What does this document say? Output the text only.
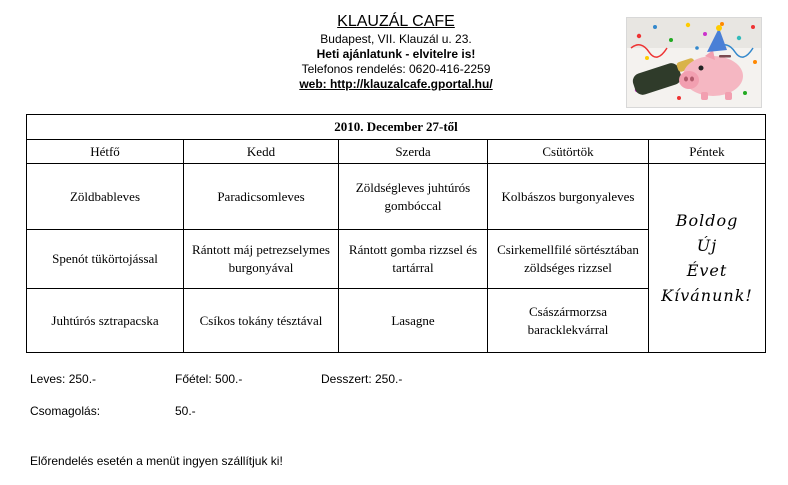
KLAUZÁL CAFE
Budapest, VII. Klauzál u. 23.
Heti ajánlatunk - elvitelre is!
Telefonos rendelés: 0620-416-2259
web: http://klauzalcafe.gportal.hu/
2010. December 27-től				
Hétfő	Kedd	Szerda	Csütörtök	Péntek
Zöldbableves	Paradicsomleves	Zöldségleves juhtúrós gombóccal	Kolbászos burgonyaleves	Boldog
Új
Évet
Kívánunk!

Spenót tükörtojással	Rántott máj petrezselymes burgonyával	Rántott gomba rizzsel és tartárral	Csirkemellfilé sörtésztában zöldséges rizzsel	
Juhtúrós sztrapacska	Csíkos tokány tésztával	Lasagne	Császármorzsa baracklekvárral	
Leves: 250.-	Főétel: 500.-	Desszert: 250.-
Csomagolás:	50.-
Előrendelés esetén a menüt ingyen szállítjuk ki!
